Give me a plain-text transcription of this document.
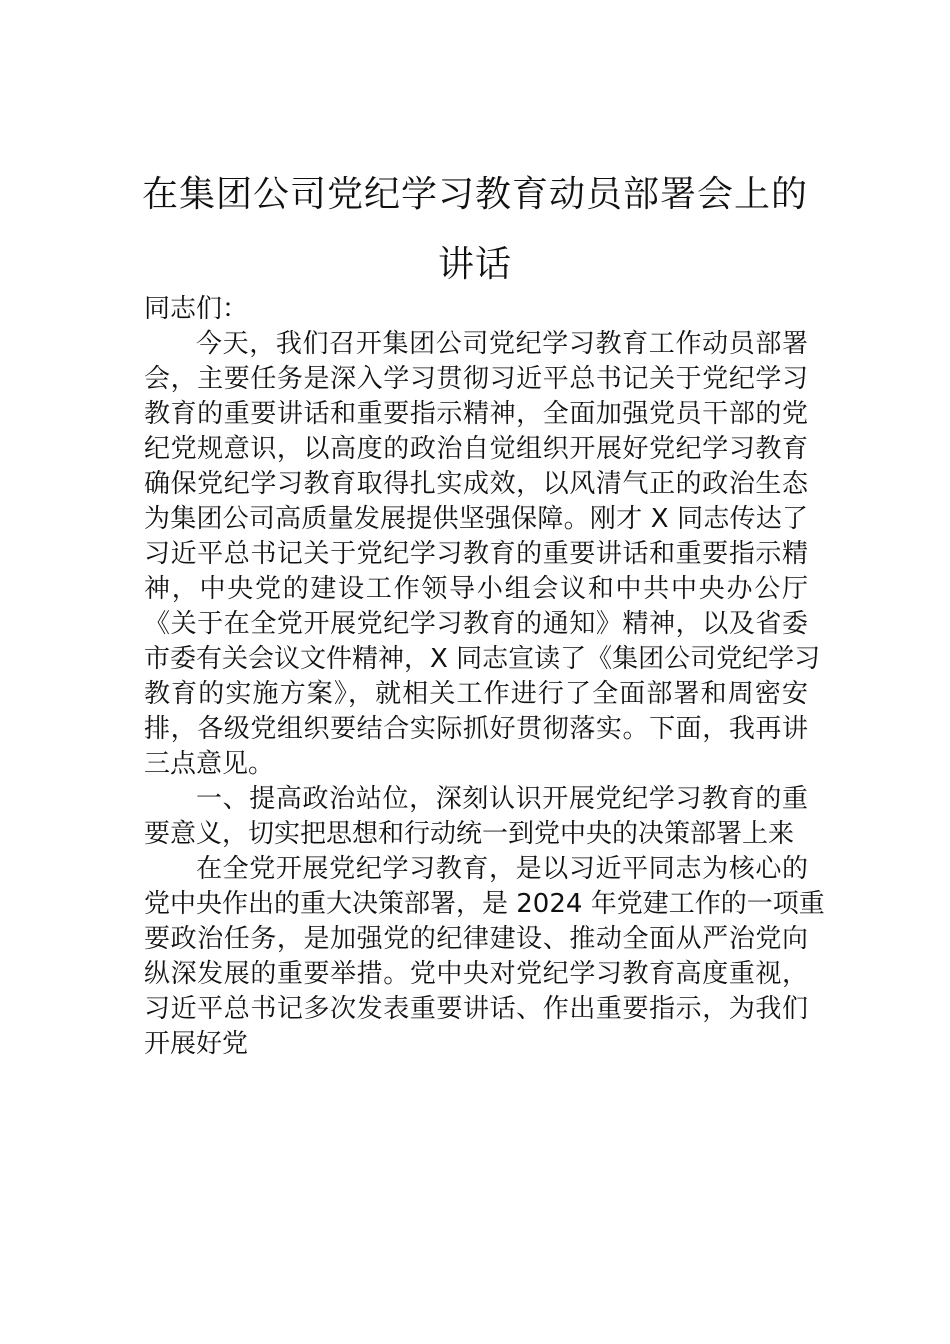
在集团公司党纪学习教育动员部署会上的
讲话
同志们：
今天，我们召开集团公司党纪学习教育工作动员部署
会，主要任务是深入学习贯彻习近平总书记关于党纪学习
教育的重要讲话和重要指示精神，全面加强党员干部的党
纪党规意识，以高度的政治自觉组织开展好党纪学习教育
确保党纪学习教育取得扎实成效，以风清气正的政治生态
为集团公司高质量发展提供坚强保障。刚才 X 同志传达了
习近平总书记关于党纪学习教育的重要讲话和重要指示精
神，中央党的建设工作领导小组会议和中共中央办公厅
《关于在全党开展党纪学习教育的通知》精神，以及省委
市委有关会议文件精神，X 同志宣读了《集团公司党纪学习
教育的实施方案》，就相关工作进行了全面部署和周密安
排，各级党组织要结合实际抓好贯彻落实。下面，我再讲
三点意见。
一、提高政治站位，深刻认识开展党纪学习教育的重
要意义，切实把思想和行动统一到党中央的决策部署上来
在全党开展党纪学习教育，是以习近平同志为核心的
党中央作出的重大决策部署，是 2024 年党建工作的一项重
要政治任务，是加强党的纪律建设、推动全面从严治党向
纵深发展的重要举措。党中央对党纪学习教育高度重视，
习近平总书记多次发表重要讲话、作出重要指示，为我们
开展好党
